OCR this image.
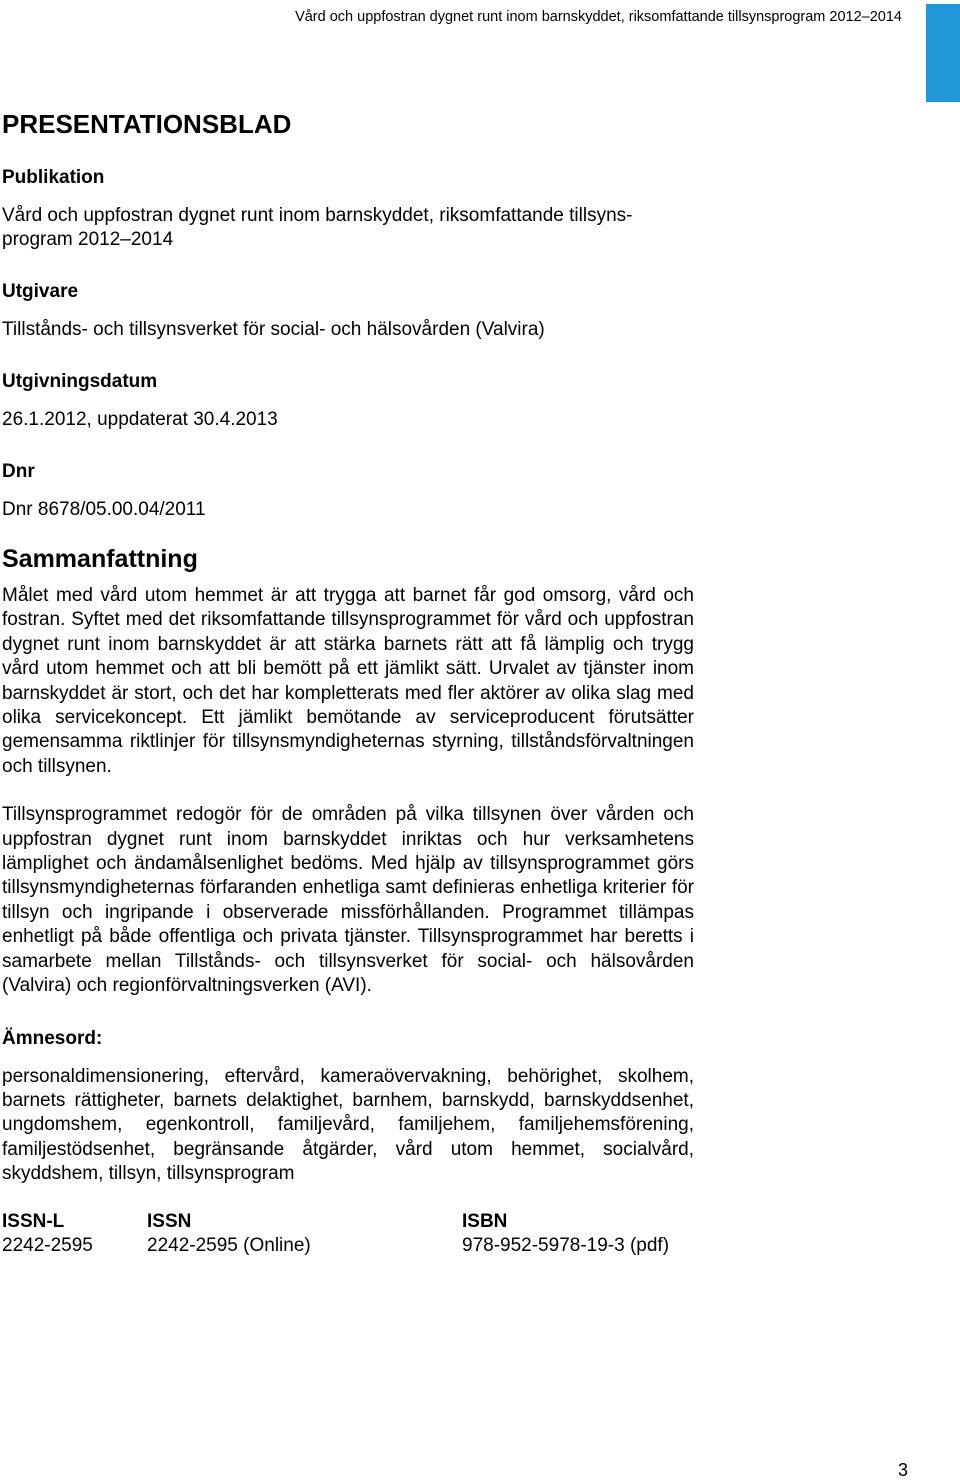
Vård och uppfostran dygnet runt inom barnskyddet, riksomfattande tillsynsprogram 2012–2014
PRESENTATIONSBLAD

Publikation

Vård och uppfostran dygnet runt inom barnskyddet, riksomfattande tillsyns-

program 2012–2014

Utgivare

Tillstånds- och tillsynsverket för social- och hälsovården (Valvira)

Utgivningsdatum

26.1.2012, uppdaterat 30.4.2013

Dnr

Dnr 8678/05.00.04/2011

Sammanfattning

Målet med vård utom hemmet är att trygga att barnet får god omsorg, vård och fostran. Syftet med det riksomfattande tillsynsprogrammet för vård och uppfostran dygnet runt inom barnskyddet är att stärka barnets rätt att få lämplig och trygg vård utom hemmet och att bli bemött på ett jämlikt sätt. Urvalet av tjänster inom barnskyddet är stort, och det har kompletterats med fler aktörer av olika slag med olika servicekoncept. Ett jämlikt bemötande av serviceproducent förutsätter gemensamma riktlinjer för tillsynsmyndigheternas styrning, tillståndsförvaltningen och tillsynen.

Tillsynsprogrammet redogör för de områden på vilka tillsynen över vården och uppfostran dygnet runt inom barnskyddet inriktas och hur verksamhetens lämplighet och ändamålsenlighet bedöms. Med hjälp av tillsynsprogrammet görs tillsynsmyndigheternas förfaranden enhetliga samt definieras enhetliga kriterier för tillsyn och ingripande i observerade missförhållanden. Programmet tillämpas enhetligt på både offentliga och privata tjänster. Tillsynsprogrammet har beretts i samarbete mellan Tillstånds- och tillsynsverket för social- och hälsovården (Valvira) och regionförvaltningsverken (AVI).

Ämnesord:

personaldimensionering, eftervård, kameraövervakning, behörighet, skolhem, barnets rättigheter, barnets delaktighet, barnhem, barnskydd, barnskyddsenhet, ungdomshem, egenkontroll, familjevård, familjehem, familjehemsförening, familjestödsenhet, begränsande åtgärder, vård utom hemmet, socialvård, skyddshem, tillsyn, tillsynsprogram

ISSN-L

2242-2595

ISSN

2242-2595 (Online)

ISBN

978-952-5978-19-3 (pdf)

3
